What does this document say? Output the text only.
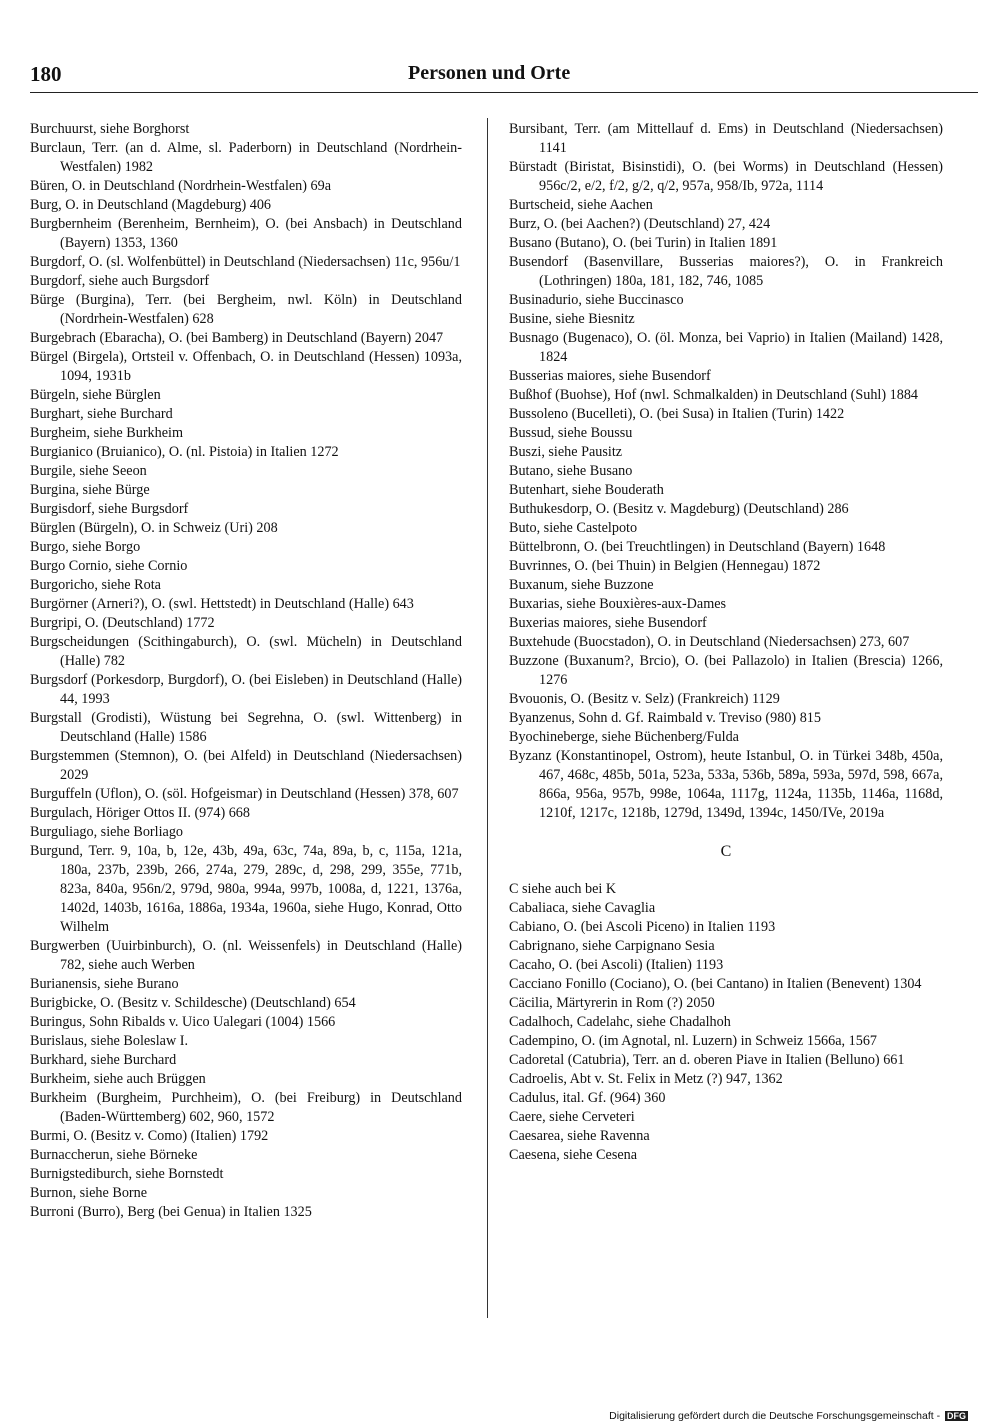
180	Personen und Orte
Burchuurst, siehe Borghorst
Burclaun, Terr. (an d. Alme, sl. Paderborn) in Deutschland (Nordrhein-Westfalen) 1982
Büren, O. in Deutschland (Nordrhein-Westfalen) 69a
Burg, O. in Deutschland (Magdeburg) 406
Burgbernheim (Berenheim, Bernheim), O. (bei Ansbach) in Deutschland (Bayern) 1353, 1360
Burgdorf, O. (sl. Wolfenbüttel) in Deutschland (Niedersachsen) 11c, 956u/1
Burgdorf, siehe auch Burgsdorf
Bürge (Burgina), Terr. (bei Bergheim, nwl. Köln) in Deutschland (Nordrhein-Westfalen) 628
Burgebrach (Ebaracha), O. (bei Bamberg) in Deutschland (Bayern) 2047
Bürgel (Birgela), Ortsteil v. Offenbach, O. in Deutschland (Hessen) 1093a, 1094, 1931b
Bürgeln, siehe Bürglen
Burghart, siehe Burchard
Burgheim, siehe Burkheim
Burgianico (Bruianico), O. (nl. Pistoia) in Italien 1272
Burgile, siehe Seeon
Burgina, siehe Bürge
Burgisdorf, siehe Burgsdorf
Bürglen (Bürgeln), O. in Schweiz (Uri) 208
Burgo, siehe Borgo
Burgo Cornio, siehe Cornio
Burgoricho, siehe Rota
Burgörner (Arneri?), O. (swl. Hettstedt) in Deutschland (Halle) 643
Burgripi, O. (Deutschland) 1772
Burgscheidungen (Scithingaburch), O. (swl. Mücheln) in Deutschland (Halle) 782
Burgsdorf (Porkesdorp, Burgdorf), O. (bei Eisleben) in Deutschland (Halle) 44, 1993
Burgstall (Grodisti), Wüstung bei Segrehna, O. (swl. Wittenberg) in Deutschland (Halle) 1586
Burgstemmen (Stemnon), O. (bei Alfeld) in Deutschland (Niedersachsen) 2029
Burguffeln (Uflon), O. (söl. Hofgeismar) in Deutschland (Hessen) 378, 607
Burgulach, Höriger Ottos II. (974) 668
Burguliago, siehe Borliago
Burgund, Terr. 9, 10a, b, 12e, 43b, 49a, 63c, 74a, 89a, b, c, 115a, 121a, 180a, 237b, 239b, 266, 274a, 279, 289c, d, 298, 299, 355e, 771b, 823a, 840a, 956n/2, 979d, 980a, 994a, 997b, 1008a, d, 1221, 1376a, 1402d, 1403b, 1616a, 1886a, 1934a, 1960a, siehe Hugo, Konrad, Otto Wilhelm
Burgwerben (Uuirbinburch), O. (nl. Weissenfels) in Deutschland (Halle) 782, siehe auch Werben
Burianensis, siehe Burano
Burigbicke, O. (Besitz v. Schildesche) (Deutschland) 654
Buringus, Sohn Ribalds v. Uico Ualegari (1004) 1566
Burislaus, siehe Boleslaw I.
Burkhard, siehe Burchard
Burkheim, siehe auch Brüggen
Burkheim (Burgheim, Purchheim), O. (bei Freiburg) in Deutschland (Baden-Württemberg) 602, 960, 1572
Burmi, O. (Besitz v. Como) (Italien) 1792
Burnaccherun, siehe Börneke
Burnigstediburch, siehe Bornstedt
Burnon, siehe Borne
Burroni (Burro), Berg (bei Genua) in Italien 1325
Bursibant, Terr. (am Mittellauf d. Ems) in Deutschland (Niedersachsen) 1141
Bürstadt (Biristat, Bisinstidi), O. (bei Worms) in Deutschland (Hessen) 956c/2, e/2, f/2, g/2, q/2, 957a, 958/Ib, 972a, 1114
Burtscheid, siehe Aachen
Burz, O. (bei Aachen?) (Deutschland) 27, 424
Busano (Butano), O. (bei Turin) in Italien 1891
Busendorf (Basenvillare, Busserias maiores?), O. in Frankreich (Lothringen) 180a, 181, 182, 746, 1085
Businadurio, siehe Buccinasco
Busine, siehe Biesnitz
Busnago (Bugenaco), O. (öl. Monza, bei Vaprio) in Italien (Mailand) 1428, 1824
Busserias maiores, siehe Busendorf
Bußhof (Buohse), Hof (nwl. Schmalkalden) in Deutschland (Suhl) 1884
Bussoleno (Bucelleti), O. (bei Susa) in Italien (Turin) 1422
Bussud, siehe Boussu
Buszi, siehe Pausitz
Butano, siehe Busano
Butenhart, siehe Bouderath
Buthukesdorp, O. (Besitz v. Magdeburg) (Deutschland) 286
Buto, siehe Castelpoto
Büttelbronn, O. (bei Treuchtlingen) in Deutschland (Bayern) 1648
Buvrinnes, O. (bei Thuin) in Belgien (Hennegau) 1872
Buxanum, siehe Buzzone
Buxarias, siehe Bouxières-aux-Dames
Buxerias maiores, siehe Busendorf
Buxtehude (Buocstadon), O. in Deutschland (Niedersachsen) 273, 607
Buzzone (Buxanum?, Brcio), O. (bei Pallazolo) in Italien (Brescia) 1266, 1276
Bvouonis, O. (Besitz v. Selz) (Frankreich) 1129
Byanzenus, Sohn d. Gf. Raimbald v. Treviso (980) 815
Byochineberge, siehe Büchenberg/Fulda
Byzanz (Konstantinopel, Ostrom), heute Istanbul, O. in Türkei 348b, 450a, 467, 468c, 485b, 501a, 523a, 533a, 536b, 589a, 593a, 597d, 598, 667a, 866a, 956a, 957b, 998e, 1064a, 1117g, 1124a, 1135b, 1146a, 1168d, 1210f, 1217c, 1218b, 1279d, 1349d, 1394c, 1450/IVe, 2019a
C
C siehe auch bei K
Cabaliaca, siehe Cavaglia
Cabiano, O. (bei Ascoli Piceno) in Italien 1193
Cabrignano, siehe Carpignano Sesia
Cacaho, O. (bei Ascoli) (Italien) 1193
Cacciano Fonillo (Cociano), O. (bei Cantano) in Italien (Benevent) 1304
Cäcilia, Märtyrerin in Rom (?) 2050
Cadalhoch, Cadelahc, siehe Chadalhoh
Cadempino, O. (im Agnotal, nl. Luzern) in Schweiz 1566a, 1567
Cadoretal (Catubria), Terr. an d. oberen Piave in Italien (Belluno) 661
Cadroelis, Abt v. St. Felix in Metz (?) 947, 1362
Cadulus, ital. Gf. (964) 360
Caere, siehe Cerveteri
Caesarea, siehe Ravenna
Caesena, siehe Cesena
Digitalisierung gefördert durch die Deutsche Forschungsgemeinschaft - DFG
